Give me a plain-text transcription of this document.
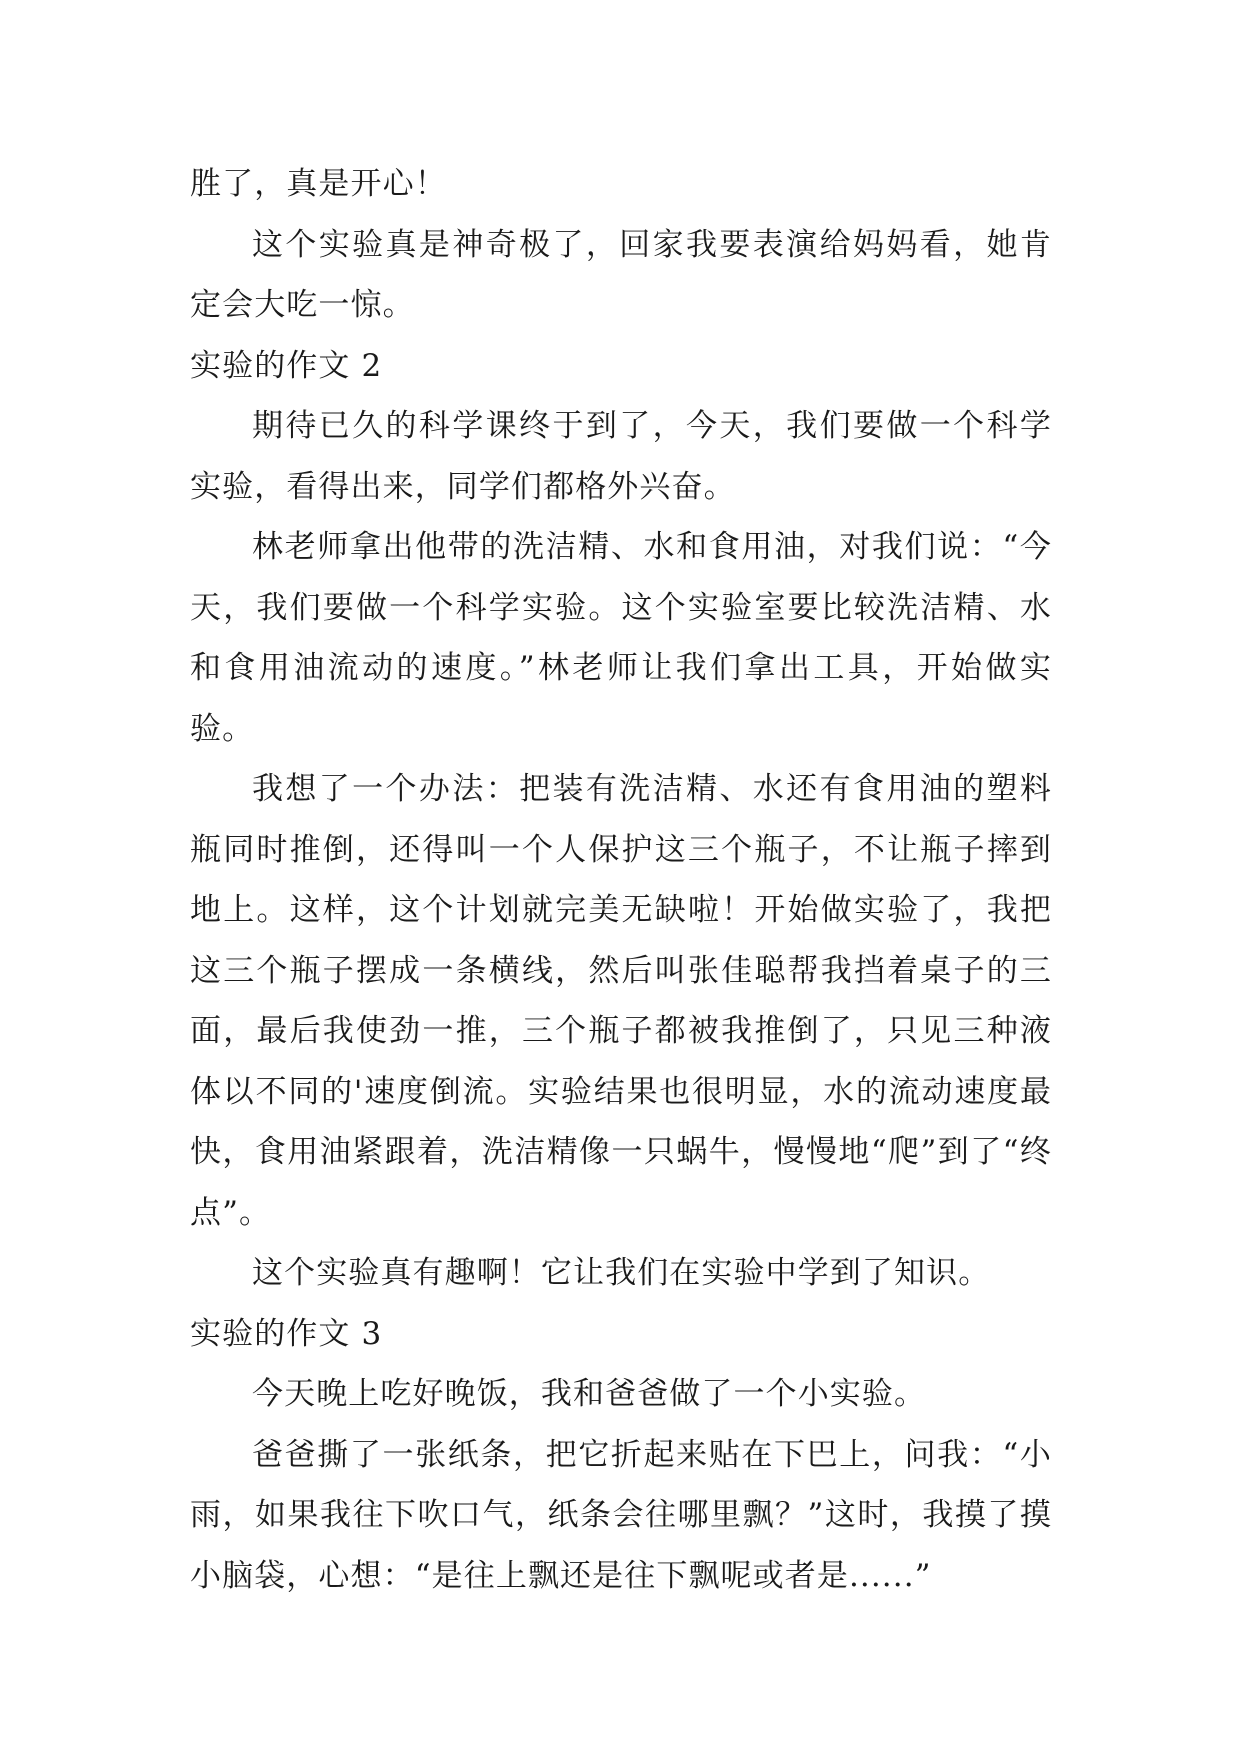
胜了，真是开心！

这个实验真是神奇极了，回家我要表演给妈妈看，她肯定会大吃一惊。

实验的作文 2

期待已久的科学课终于到了，今天，我们要做一个科学实验，看得出来，同学们都格外兴奋。

林老师拿出他带的洗洁精、水和食用油，对我们说：“今天，我们要做一个科学实验。这个实验室要比较洗洁精、水和食用油流动的速度。”林老师让我们拿出工具，开始做实验。

我想了一个办法：把装有洗洁精、水还有食用油的塑料瓶同时推倒，还得叫一个人保护这三个瓶子，不让瓶子摔到地上。这样，这个计划就完美无缺啦！开始做实验了，我把这三个瓶子摆成一条横线，然后叫张佳聪帮我挡着桌子的三面，最后我使劲一推，三个瓶子都被我推倒了，只见三种液体以不同的'速度倒流。实验结果也很明显，水的流动速度最快，食用油紧跟着，洗洁精像一只蜗牛，慢慢地“爬”到了“终点”。

这个实验真有趣啊！它让我们在实验中学到了知识。

实验的作文 3

今天晚上吃好晚饭，我和爸爸做了一个小实验。

爸爸撕了一张纸条，把它折起来贴在下巴上，问我：“小雨，如果我往下吹口气，纸条会往哪里飘？”这时，我摸了摸小脑袋，心想：“是往上飘还是往下飘呢或者是......”
